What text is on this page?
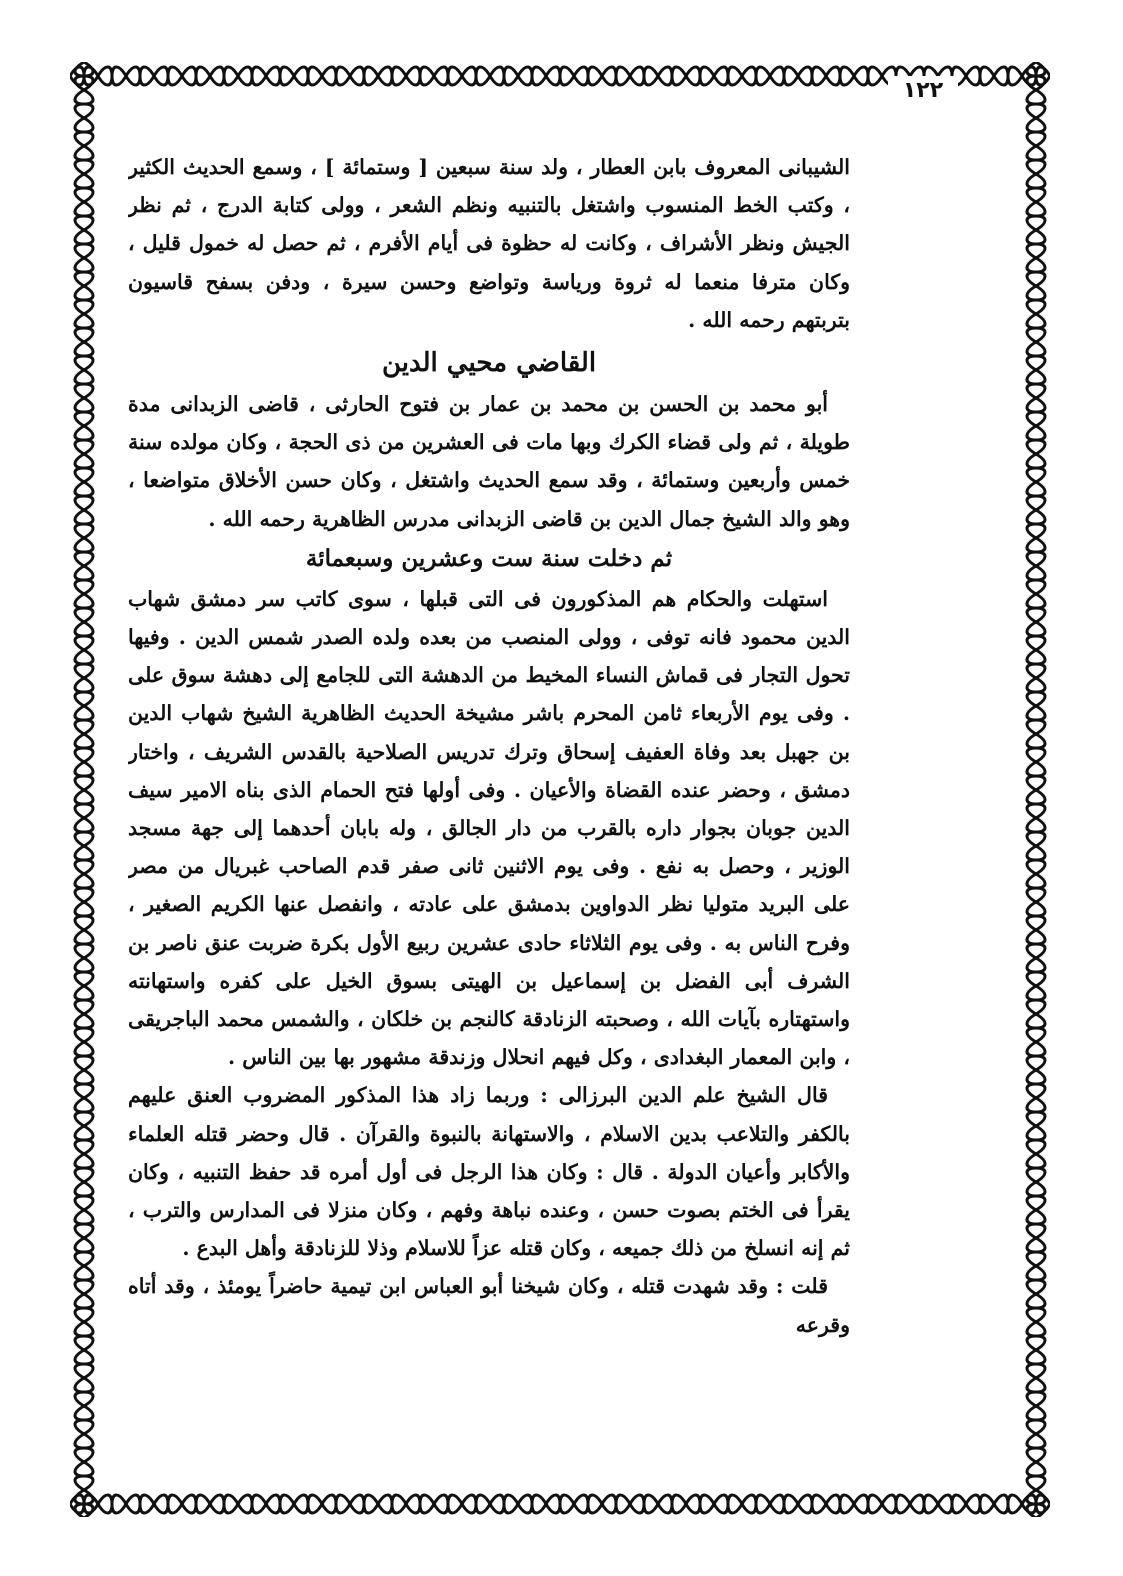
١٢٢

الشيبانى المعروف بابن العطار ، ولد سنة سبعين [ وستمائة ] ، وسمع الحديث الكثير ، وكتب الخط المنسوب واشتغل بالتنبيه ونظم الشعر ، وولى كتابة الدرج ، ثم نظر الجيش ونظر الأشراف ، وكانت له حظوة فى أيام الأفرم ، ثم حصل له خمول قليل ، وكان مترفا منعما له ثروة ورياسة وتواضع وحسن سيرة ، ودفن بسفح قاسيون بتربتهم رحمه الله .

القاضي محيي الدين

أبو محمد بن الحسن بن محمد بن عمار بن فتوح الحارثى ، قاضى الزبدانى مدة طويلة ، ثم ولى قضاء الكرك وبها مات فى العشرين من ذى الحجة ، وكان مولده سنة خمس وأربعين وستمائة ، وقد سمع الحديث واشتغل ، وكان حسن الأخلاق متواضعا ، وهو والد الشيخ جمال الدين بن قاضى الزبدانى مدرس الظاهرية رحمه الله .

ثم دخلت سنة ست وعشرين وسبعمائة

استهلت والحكام هم المذكورون فى التى قبلها ، سوى كاتب سر دمشق شهاب الدين محمود فانه توفى ، وولى المنصب من بعده ولده الصدر شمس الدين . وفيها تحول التجار فى قماش النساء المخيط من الدهشة التى للجامع إلى دهشة سوق على . وفى يوم الأربعاء ثامن المحرم باشر مشيخة الحديث الظاهرية الشيخ شهاب الدين بن جهبل بعد وفاة العفيف إسحاق وترك تدريس الصلاحية بالقدس الشريف ، واختار دمشق ، وحضر عنده القضاة والأعيان . وفى أولها فتح الحمام الذى بناه الامير سيف الدين جوبان بجوار داره بالقرب من دار الجالق ، وله بابان أحدهما إلى جهة مسجد الوزير ، وحصل به نفع . وفى يوم الاثنين ثانى صفر قدم الصاحب غبريال من مصر على البريد متوليا نظر الدواوين بدمشق على عادته ، وانفصل عنها الكريم الصغير ، وفرح الناس به . وفى يوم الثلاثاء حادى عشرين ربيع الأول بكرة ضربت عنق ناصر بن الشرف أبى الفضل بن إسماعيل بن الهيتى بسوق الخيل على كفره واستهانته واستهتاره بآيات الله ، وصحبته الزنادقة كالنجم بن خلكان ، والشمس محمد الباجريقى ، وابن المعمار البغدادى ، وكل فيهم انحلال وزندقة مشهور بها بين الناس .

قال الشيخ علم الدين البرزالى : وربما زاد هذا المذكور المضروب العنق عليهم بالكفر والتلاعب بدين الاسلام ، والاستهانة بالنبوة والقرآن . قال وحضر قتله العلماء والأكابر وأعيان الدولة . قال : وكان هذا الرجل فى أول أمره قد حفظ التنبيه ، وكان يقرأ فى الختم بصوت حسن ، وعنده نباهة وفهم ، وكان منزلا فى المدارس والترب ، ثم إنه انسلخ من ذلك جميعه ، وكان قتله عزاً للاسلام وذلا للزنادقة وأهل البدع .

قلت : وقد شهدت قتله ، وكان شيخنا أبو العباس ابن تيمية حاضراً يومئذ ، وقد أتاه وقرعه
